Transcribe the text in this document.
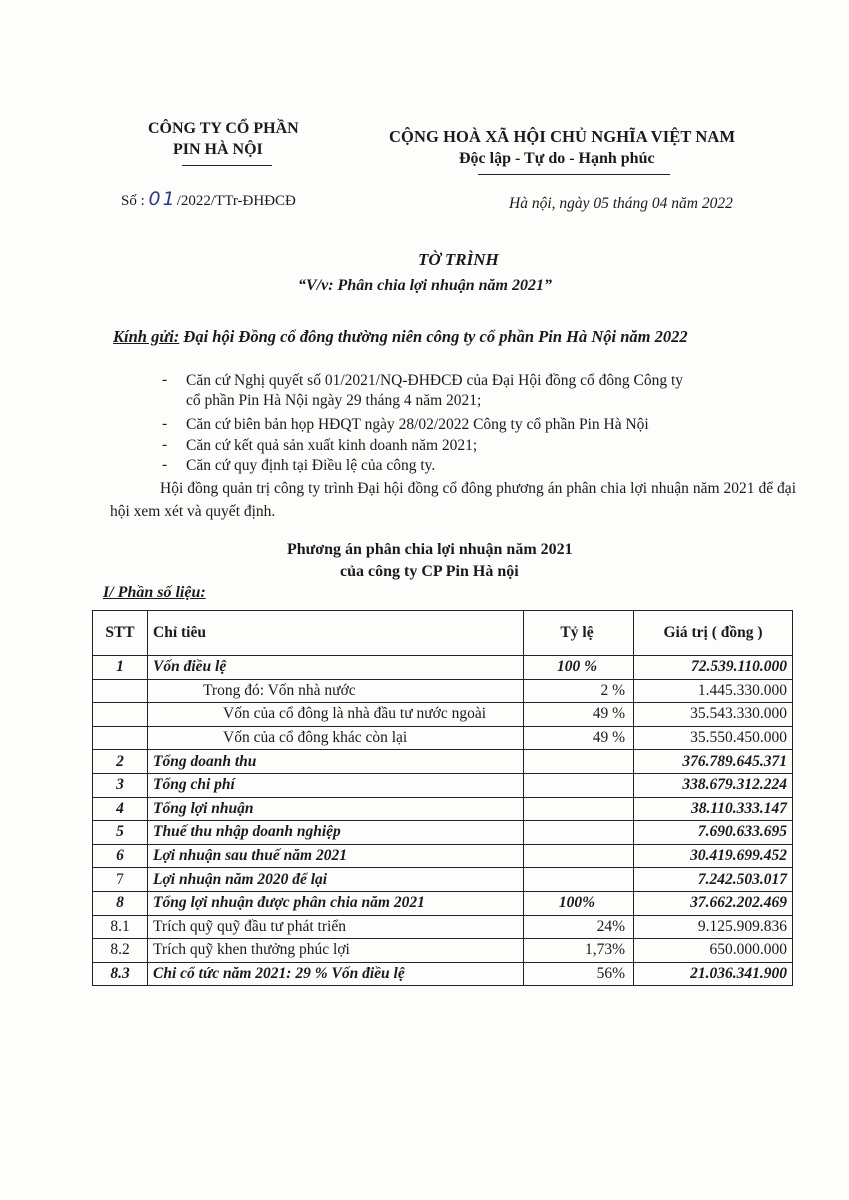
CÔNG TY CỔ PHẦN
PIN HÀ NỘI
CỘNG HOÀ XÃ HỘI CHỦ NGHĨA VIỆT NAM
Độc lập - Tự do - Hạnh phúc
Số : 01/2022/TTr-ĐHĐCĐ	Hà nội, ngày 05 tháng 04 năm 2022
TỜ TRÌNH
“V/v: Phân chia lợi nhuận năm 2021”
Kính gửi: Đại hội Đồng cổ đông thường niên công ty cổ phần Pin Hà Nội năm 2022
- Căn cứ Nghị quyết số 01/2021/NQ-ĐHĐCĐ của Đại Hội đồng cổ đông Công ty
cổ phần Pin Hà Nội ngày 29 tháng 4 năm 2021;
- Căn cứ biên bản họp HĐQT ngày 28/02/2022 Công ty cổ phần Pin Hà Nội
- Căn cứ kết quả sản xuất kinh doanh năm 2021;
- Căn cứ quy định tại Điều lệ của công ty.
Hội đồng quản trị công ty trình Đại hội đồng cổ đông phương án phân chia lợi nhuận năm 2021 để đại hội xem xét và quyết định.
Phương án phân chia lợi nhuận năm 2021
của công ty CP Pin Hà nội
I/ Phần số liệu:
STT	Chỉ tiêu	Tỷ lệ	Giá trị ( đồng )
1	Vốn điều lệ	100 %	72.539.110.000
	Trong đó: Vốn nhà nước	2 %	1.445.330.000
	Vốn của cổ đông là nhà đầu tư nước ngoài	49 %	35.543.330.000
	Vốn của cổ đông khác còn lại	49 %	35.550.450.000
2	Tổng doanh thu		376.789.645.371
3	Tổng chi phí		338.679.312.224
4	Tổng lợi nhuận		38.110.333.147
5	Thuế thu nhập doanh nghiệp		7.690.633.695
6	Lợi nhuận sau thuế năm 2021		30.419.699.452
7	Lợi nhuận năm 2020 để lại		7.242.503.017
8	Tổng lợi nhuận được phân chia năm 2021	100%	37.662.202.469
8.1	Trích quỹ quỹ đầu tư phát triển	24%	9.125.909.836
8.2	Trích quỹ khen thưởng phúc lợi	1,73%	650.000.000
8.3	Chi cổ tức năm 2021: 29 % Vốn điều lệ	56%	21.036.341.900
